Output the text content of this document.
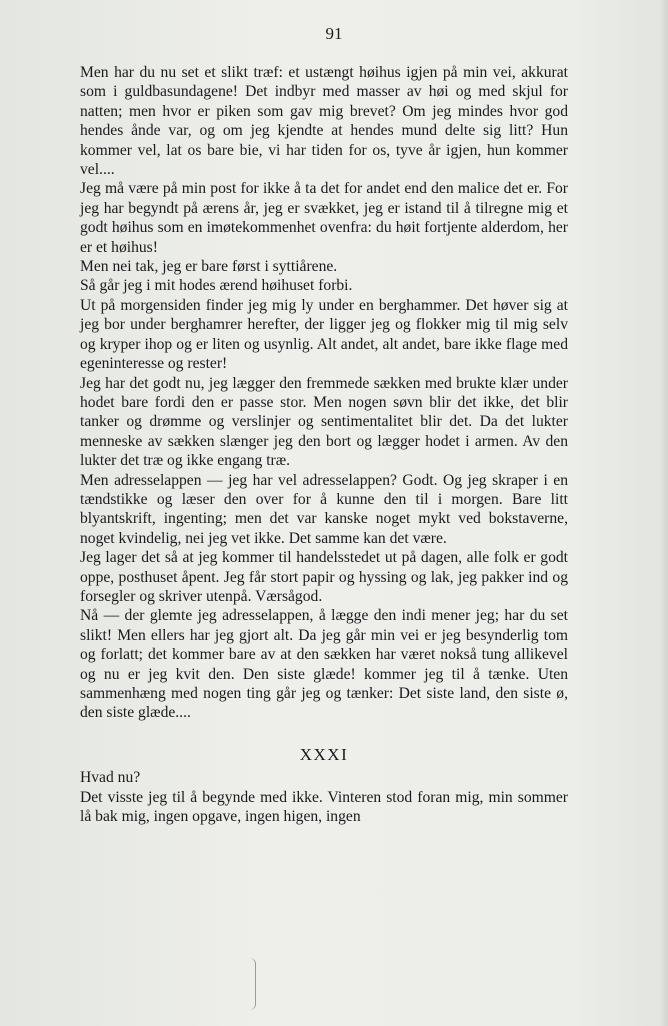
91

Men har du nu set et slikt træf: et ustængt høihus igjen på min vei, akkurat som i guldbasundagene! Det indbyr med masser av høi og med skjul for natten; men hvor er piken som gav mig brevet? Om jeg mindes hvor god hendes ånde var, og om jeg kjendte at hendes mund delte sig litt? Hun kommer vel, lat os bare bie, vi har tiden for os, tyve år igjen, hun kommer vel....

Jeg må være på min post for ikke å ta det for andet end den malice det er. For jeg har begyndt på ærens år, jeg er svækket, jeg er istand til å tilregne mig et godt høihus som en imøtekommenhet ovenfra: du høit fortjente alderdom, her er et høihus!

Men nei tak, jeg er bare først i syttiårene.

Så går jeg i mit hodes ærend høihuset forbi.

Ut på morgensiden finder jeg mig ly under en berghammer. Det høver sig at jeg bor under berghamrer herefter, der ligger jeg og flokker mig til mig selv og kryper ihop og er liten og usynlig. Alt andet, alt andet, bare ikke flage med egeninteresse og rester!

Jeg har det godt nu, jeg lægger den fremmede sækken med brukte klær under hodet bare fordi den er passe stor. Men nogen søvn blir det ikke, det blir tanker og drømme og verslinjer og sentimentalitet blir det. Da det lukter menneske av sækken slænger jeg den bort og lægger hodet i armen. Av den lukter det træ og ikke engang træ.

Men adresselappen — jeg har vel adresselappen? Godt. Og jeg skraper i en tændstikke og læser den over for å kunne den til i morgen. Bare litt blyantskrift, ingenting; men det var kanske noget mykt ved bokstaverne, noget kvindelig, nei jeg vet ikke. Det samme kan det være.

Jeg lager det så at jeg kommer til handelsstedet ut på dagen, alle folk er godt oppe, posthuset åpent. Jeg får stort papir og hyssing og lak, jeg pakker ind og forsegler og skriver utenpå. Værsågod.

Nå — der glemte jeg adresselappen, å lægge den indi mener jeg; har du set slikt! Men ellers har jeg gjort alt. Da jeg går min vei er jeg besynderlig tom og forlatt; det kommer bare av at den sækken har været nokså tung allikevel og nu er jeg kvit den. Den siste glæde! kommer jeg til å tænke. Uten sammenhæng med nogen ting går jeg og tænker: Det siste land, den siste ø, den siste glæde....

XXXI

Hvad nu?

Det visste jeg til å begynde med ikke. Vinteren stod foran mig, min sommer lå bak mig, ingen opgave, ingen higen, ingen
